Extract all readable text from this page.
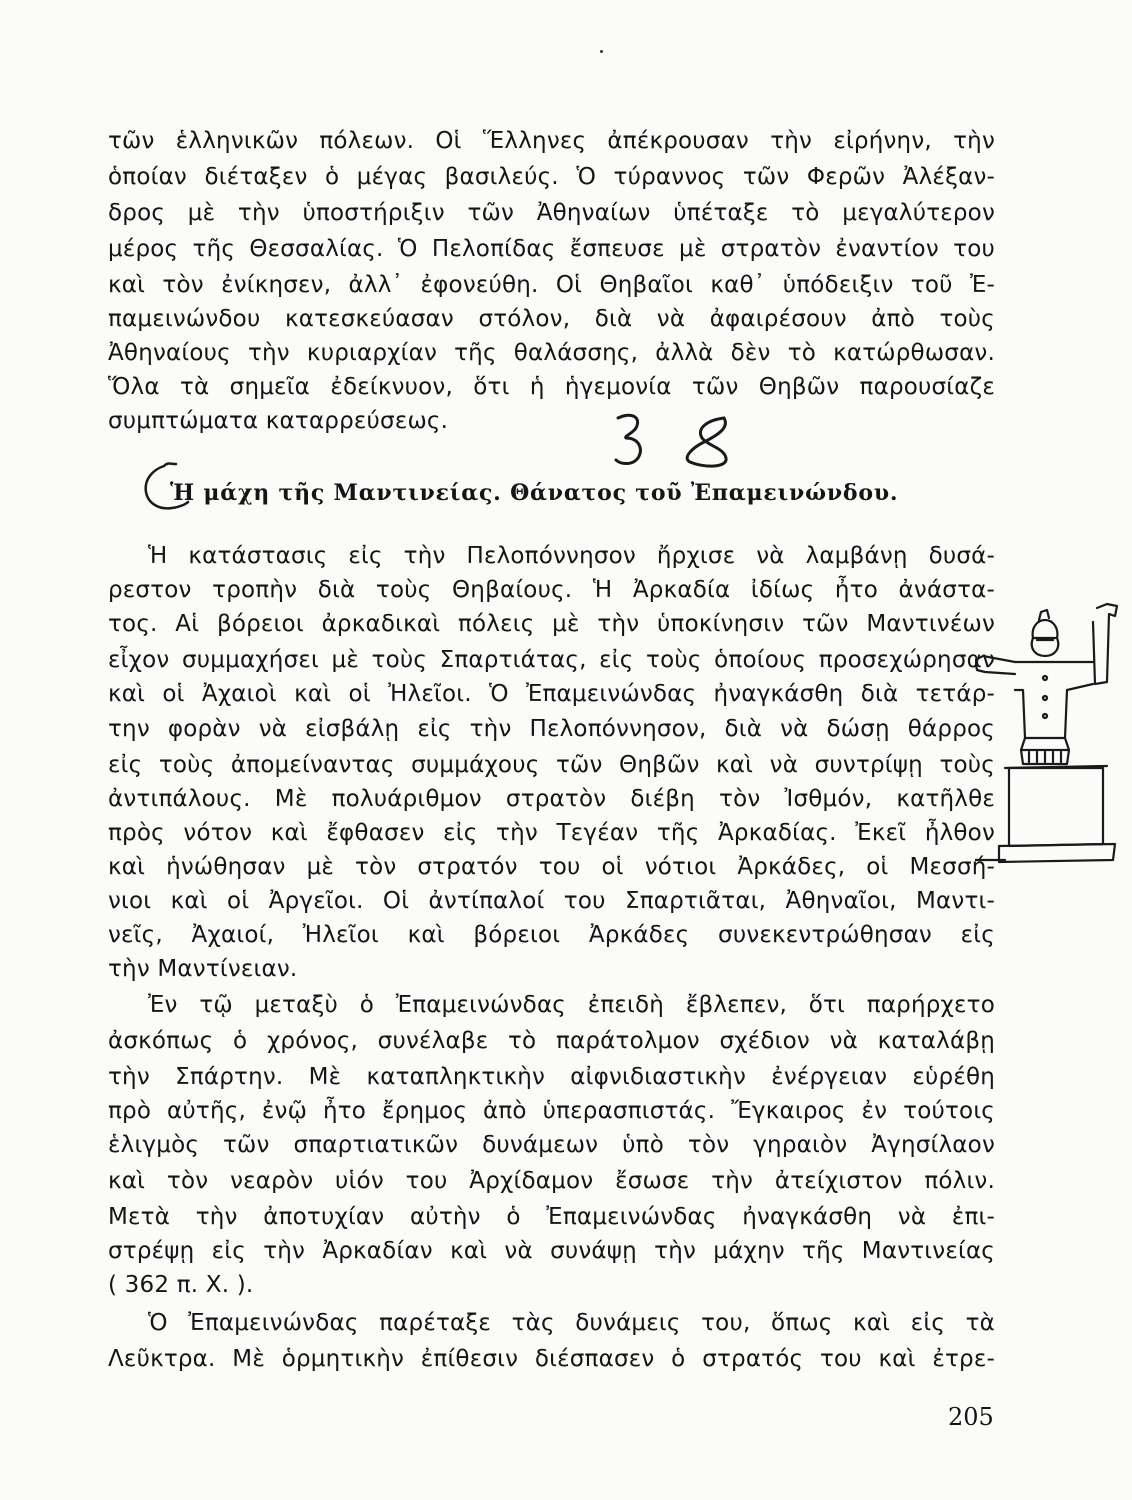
τῶν ἑλληνικῶν πόλεων. Οἱ Ἕλληνες ἀπέκρουσαν τὴν εἰρήνην, τὴν
ὁποίαν διέταξεν ὁ μέγας βασιλεύς. Ὁ τύραννος τῶν Φερῶν Ἀλέξαν-
δρος μὲ τὴν ὑποστήριξιν τῶν Ἀθηναίων ὑπέταξε τὸ μεγαλύτερον
μέρος τῆς Θεσσαλίας. Ὁ Πελοπίδας ἔσπευσε μὲ στρατὸν ἐναντίον του
καὶ τὸν ἐνίκησεν, ἀλλ᾽ ἐφονεύθη. Οἱ Θηβαῖοι καθ᾽ ὑπόδειξιν τοῦ Ἐ-
παμεινώνδου κατεσκεύασαν στόλον, διὰ νὰ ἀφαιρέσουν ἀπὸ τοὺς
Ἀθηναίους τὴν κυριαρχίαν τῆς θαλάσσης, ἀλλὰ δὲν τὸ κατώρθωσαν.
Ὅλα τὰ σημεῖα ἐδείκνυον, ὅτι ἡ ἡγεμονία τῶν Θηβῶν παρουσίαζε
συμπτώματα καταρρεύσεως.
Ἡ μάχη τῆς Μαντινείας. Θάνατος τοῦ Ἐπαμεινώνδου.
Ἡ κατάστασις εἰς τὴν Πελοπόννησον ἤρχισε νὰ λαμβάνῃ δυσά-
ρεστον τροπὴν διὰ τοὺς Θηβαίους. Ἡ Ἀρκαδία ἰδίως ἦτο ἀνάστα-
τος. Αἱ βόρειοι ἀρκαδικαὶ πόλεις μὲ τὴν ὑποκίνησιν τῶν Μαντινέων
εἶχον συμμαχήσει μὲ τοὺς Σπαρτιάτας, εἰς τοὺς ὁποίους προσεχώρησαν
καὶ οἱ Ἀχαιοὶ καὶ οἱ Ἠλεῖοι. Ὁ Ἐπαμεινώνδας ἠναγκάσθη διὰ τετάρ-
την φορὰν νὰ εἰσβάλῃ εἰς τὴν Πελοπόννησον, διὰ νὰ δώσῃ θάρρος
εἰς τοὺς ἀπομείναντας συμμάχους τῶν Θηβῶν καὶ νὰ συντρίψῃ τοὺς
ἀντιπάλους. Μὲ πολυάριθμον στρατὸν διέβη τὸν Ἰσθμόν, κατῆλθε
πρὸς νότον καὶ ἔφθασεν εἰς τὴν Τεγέαν τῆς Ἀρκαδίας. Ἐκεῖ ἦλθον
καὶ ἡνώθησαν μὲ τὸν στρατόν του οἱ νότιοι Ἀρκάδες, οἱ Μεσσή-
νιοι καὶ οἱ Ἀργεῖοι. Οἱ ἀντίπαλοί του Σπαρτιᾶται, Ἀθηναῖοι, Μαντι-
νεῖς, Ἀχαιοί, Ἠλεῖοι καὶ βόρειοι Ἀρκάδες συνεκεντρώθησαν εἰς
τὴν Μαντίνειαν.
Ἐν τῷ μεταξὺ ὁ Ἐπαμεινώνδας ἐπειδὴ ἔβλεπεν, ὅτι παρήρχετο
ἀσκόπως ὁ χρόνος, συνέλαβε τὸ παράτολμον σχέδιον νὰ καταλάβῃ
τὴν Σπάρτην. Μὲ καταπληκτικὴν αἰφνιδιαστικὴν ἐνέργειαν εὑρέθη
πρὸ αὐτῆς, ἐνῷ ἦτο ἔρημος ἀπὸ ὑπερασπιστάς. Ἔγκαιρος ἐν τούτοις
ἑλιγμὸς τῶν σπαρτιατικῶν δυνάμεων ὑπὸ τὸν γηραιὸν Ἀγησίλαον
καὶ τὸν νεαρὸν υἱόν του Ἀρχίδαμον ἔσωσε τὴν ἀτείχιστον πόλιν.
Μετὰ τὴν ἀποτυχίαν αὐτὴν ὁ Ἐπαμεινώνδας ἠναγκάσθη νὰ ἐπι-
στρέψῃ εἰς τὴν Ἀρκαδίαν καὶ νὰ συνάψῃ τὴν μάχην τῆς Μαντινείας
( 362 π. Χ. ).
Ὁ Ἐπαμεινώνδας παρέταξε τὰς δυνάμεις του, ὅπως καὶ εἰς τὰ
Λεῦκτρα. Μὲ ὁρμητικὴν ἐπίθεσιν διέσπασεν ὁ στρατός του καὶ ἐτρε-
205
